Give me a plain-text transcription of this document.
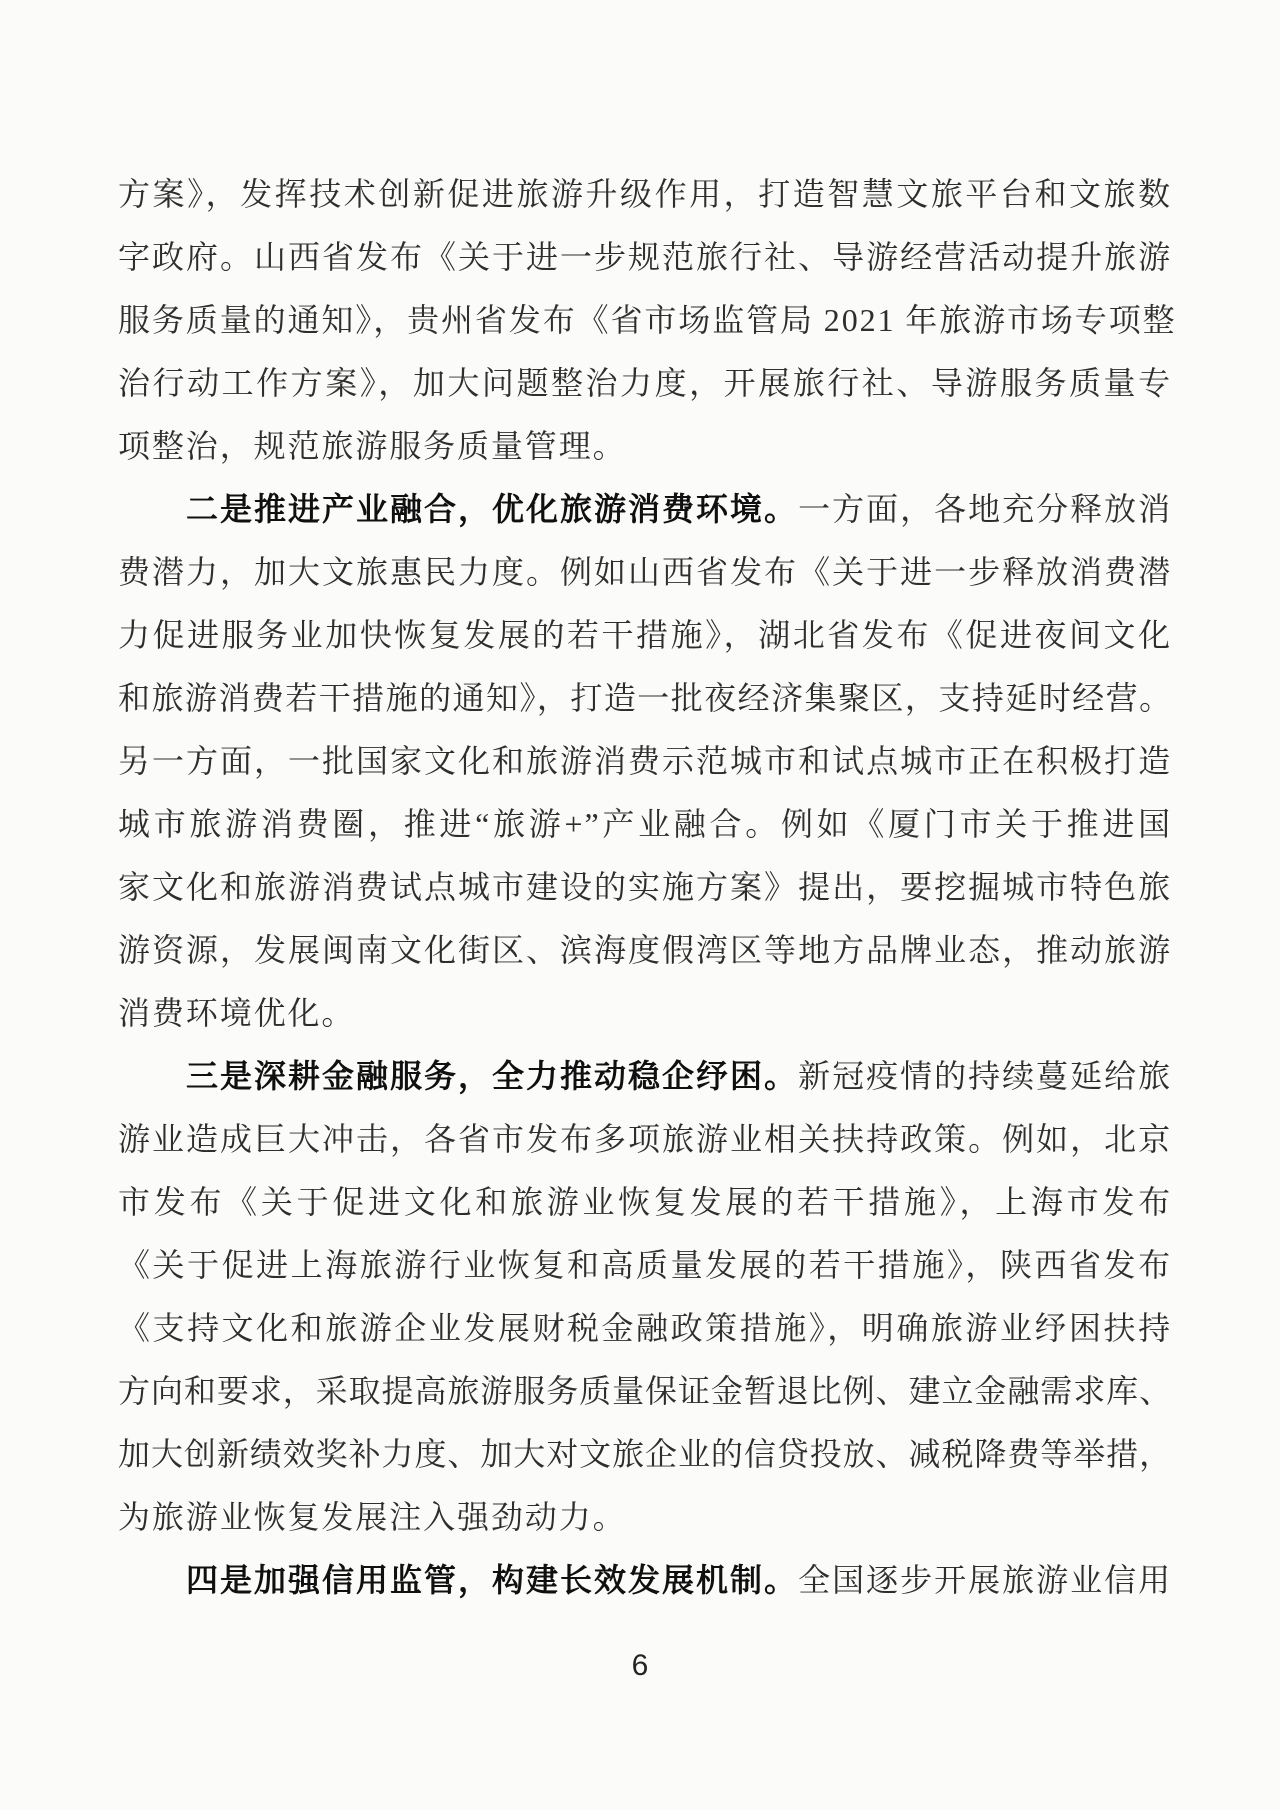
方案》，发挥技术创新促进旅游升级作用，打造智慧文旅平台和文旅数
字政府。山西省发布《关于进一步规范旅行社、导游经营活动提升旅游
服务质量的通知》，贵州省发布《省市场监管局 2021 年旅游市场专项整
治行动工作方案》，加大问题整治力度，开展旅行社、导游服务质量专
项整治，规范旅游服务质量管理。
二是推进产业融合，优化旅游消费环境。一方面，各地充分释放消
费潜力，加大文旅惠民力度。例如山西省发布《关于进一步释放消费潜
力促进服务业加快恢复发展的若干措施》，湖北省发布《促进夜间文化
和旅游消费若干措施的通知》，打造一批夜经济集聚区，支持延时经营。
另一方面，一批国家文化和旅游消费示范城市和试点城市正在积极打造
城市旅游消费圈，推进“旅游+”产业融合。例如《厦门市关于推进国
家文化和旅游消费试点城市建设的实施方案》提出，要挖掘城市特色旅
游资源，发展闽南文化街区、滨海度假湾区等地方品牌业态，推动旅游
消费环境优化。
三是深耕金融服务，全力推动稳企纾困。新冠疫情的持续蔓延给旅
游业造成巨大冲击，各省市发布多项旅游业相关扶持政策。例如，北京
市发布《关于促进文化和旅游业恢复发展的若干措施》，上海市发布
《关于促进上海旅游行业恢复和高质量发展的若干措施》，陕西省发布
《支持文化和旅游企业发展财税金融政策措施》，明确旅游业纾困扶持
方向和要求，采取提高旅游服务质量保证金暂退比例、建立金融需求库、
加大创新绩效奖补力度、加大对文旅企业的信贷投放、减税降费等举措，
为旅游业恢复发展注入强劲动力。
四是加强信用监管，构建长效发展机制。全国逐步开展旅游业信用
6
